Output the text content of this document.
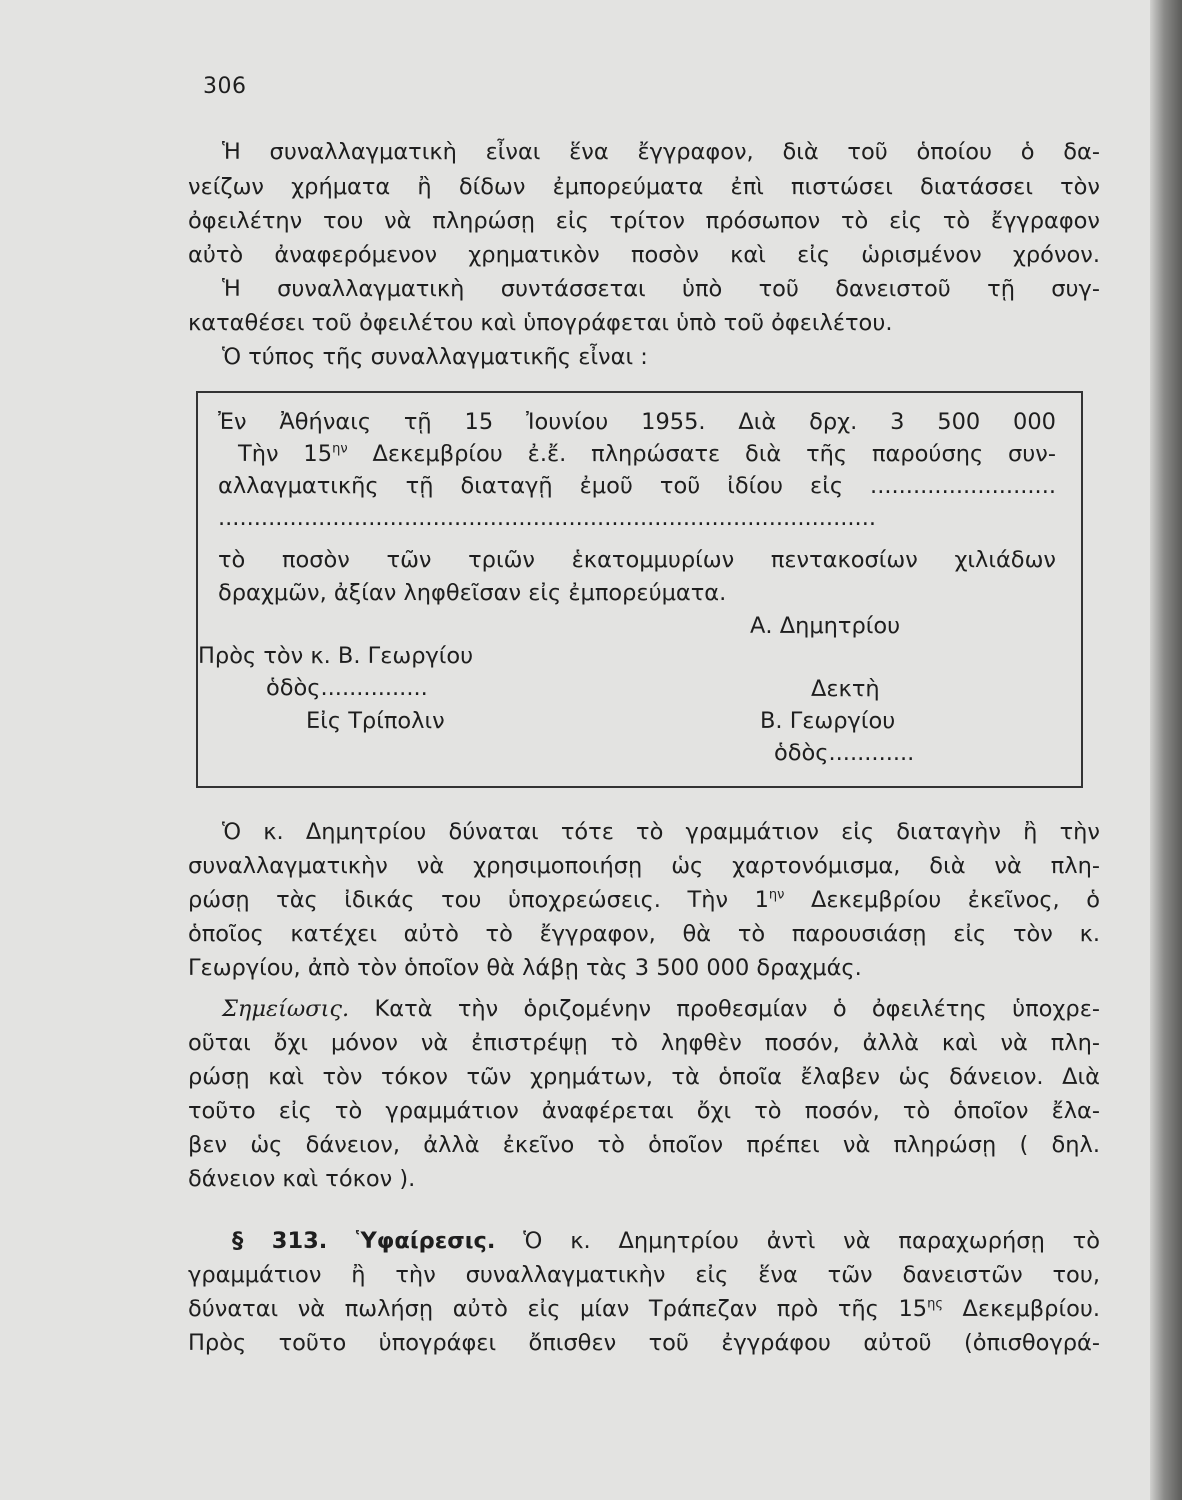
306
Ἡ συναλλαγματικὴ εἶναι ἕνα ἔγγραφον, διὰ τοῦ ὁποίου ὁ δα-
νείζων χρήματα ἢ δίδων ἐμπορεύματα ἐπὶ πιστώσει διατάσσει τὸν
ὀφειλέτην του νὰ πληρώσῃ εἰς τρίτον πρόσωπον τὸ εἰς τὸ ἔγγραφον
αὐτὸ ἀναφερόμενον χρηματικὸν ποσὸν καὶ εἰς ὡρισμένον χρόνον.
Ἡ συναλλαγματικὴ συντάσσεται ὑπὸ τοῦ δανειστοῦ τῇ συγ-
καταθέσει τοῦ ὀφειλέτου καὶ ὑπογράφεται ὑπὸ τοῦ ὀφειλέτου.
Ὁ τύπος τῆς συναλλαγματικῆς εἶναι :
Ἐν Ἀθήναις τῇ 15 Ἰουνίου 1955. Διὰ δρχ. 3 500 000
Τὴν $15^{\eta\nu}$ Δεκεμβρίου ἐ.ἔ. πληρώσατε διὰ τῆς παρούσης συν-
αλλαγματικῆς τῇ διαταγῇ ἐμοῦ τοῦ ἰδίου εἰς ..........................
............................................................................................
τὸ ποσὸν τῶν τριῶν ἑκατομμυρίων πεντακοσίων χιλιάδων
δραχμῶν, ἀξίαν ληφθεῖσαν εἰς ἐμπορεύματα.
Α. Δημητρίου
Πρὸς τὸν κ. Β. Γεωργίου
ὁδὸς...............	Δεκτὴ
Εἰς Τρίπολιν	Β. Γεωργίου
ὁδὸς............
Ὁ κ. Δημητρίου δύναται τότε τὸ γραμμάτιον εἰς διαταγὴν ἢ τὴν
συναλλαγματικὴν νὰ χρησιμοποιήσῃ ὡς χαρτονόμισμα, διὰ νὰ πλη-
ρώσῃ τὰς ἰδικάς του ὑποχρεώσεις. Τὴν $1^{\eta\nu}$ Δεκεμβρίου ἐκεῖνος, ὁ
ὁποῖος κατέχει αὐτὸ τὸ ἔγγραφον, θὰ τὸ παρουσιάσῃ εἰς τὸν κ.
Γεωργίου, ἀπὸ τὸν ὁποῖον θὰ λάβῃ τὰς 3 500 000 δραχμάς.
Σημείωσις. Κατὰ τὴν ὁριζομένην προθεσμίαν ὁ ὀφειλέτης ὑποχρε-
οῦται ὄχι μόνον νὰ ἐπιστρέψῃ τὸ ληφθὲν ποσόν, ἀλλὰ καὶ νὰ πλη-
ρώσῃ καὶ τὸν τόκον τῶν χρημάτων, τὰ ὁποῖα ἔλαβεν ὡς δάνειον. Διὰ
τοῦτο εἰς τὸ γραμμάτιον ἀναφέρεται ὄχι τὸ ποσόν, τὸ ὁποῖον ἔλα-
βεν ὡς δάνειον, ἀλλὰ ἐκεῖνο τὸ ὁποῖον πρέπει νὰ πληρώσῃ ( δηλ.
δάνειον καὶ τόκον ).
§ 313. Ὑφαίρεσις. Ὁ κ. Δημητρίου ἀντὶ νὰ παραχωρήσῃ τὸ
γραμμάτιον ἢ τὴν συναλλαγματικὴν εἰς ἕνα τῶν δανειστῶν του,
δύναται νὰ πωλήσῃ αὐτὸ εἰς μίαν Τράπεζαν πρὸ τῆς $15^{\eta\varsigma}$ Δεκεμβρίου.
Πρὸς τοῦτο ὑπογράφει ὄπισθεν τοῦ ἐγγράφου αὐτοῦ (ὀπισθογρά-
